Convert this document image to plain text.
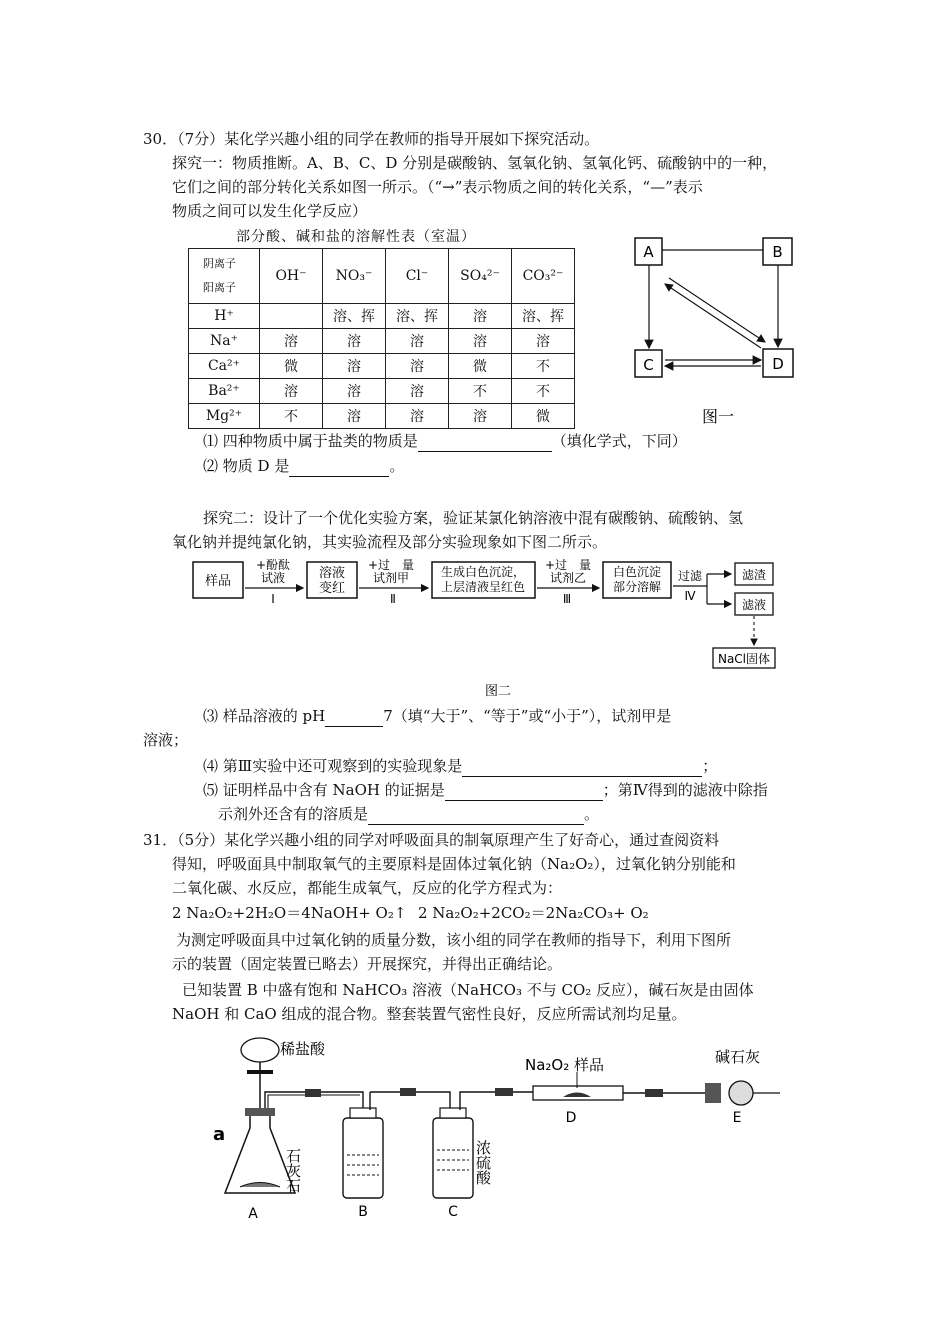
30．（7分）某化学兴趣小组的同学在教师的指导开展如下探究活动。
探究一：物质推断。A、B、C、D 分别是碳酸钠、氢氧化钠、氢氧化钙、硫酸钠中的一种，
它们之间的部分转化关系如图一所示。（“→”表示物质之间的转化关系，“—”表示
物质之间可以发生化学反应）
部分酸、碱和盐的溶解性表（室温）
阴离子
阳离子	OH⁻	NO₃⁻	Cl⁻	SO₄²⁻	CO₃²⁻
H⁺		溶、挥	溶、挥	溶	溶、挥
Na⁺	溶	溶	溶	溶	溶
Ca²⁺	微	溶	溶	微	不
Ba²⁺	溶	溶	溶	不	不
Mg²⁺	不	溶	溶	溶	微
A	B
C	D
图一
⑴ 四种物质中属于盐类的物质是	（填化学式，下同）
⑵ 物质 D 是	。
探究二：设计了一个优化实验方案，验证某氯化钠溶液中混有碳酸钠、硫酸钠、氢
氧化钠并提纯氯化钠，其实验流程及部分实验现象如下图二所示。
样品
+酚酞
试液
Ⅰ
溶液
变红
+过　量
试剂甲
Ⅱ
生成白色沉淀，
上层清液呈红色
+过　量
试剂乙
Ⅲ
白色沉淀
部分溶解
过滤
Ⅳ
滤渣
滤液
NaCl固体
图二
⑶ 样品溶液的 pH	7（填“大于”、“等于”或“小于”），试剂甲是
溶液；
⑷ 第Ⅲ实验中还可观察到的实验现象是	；
⑸ 证明样品中含有 NaOH 的证据是	；第Ⅳ得到的滤液中除指
示剂外还含有的溶质是	。
31．（5分）某化学兴趣小组的同学对呼吸面具的制氧原理产生了好奇心，通过查阅资料
得知，呼吸面具中制取氧气的主要原料是固体过氧化钠（Na₂O₂），过氧化钠分别能和
二氧化碳、水反应，都能生成氧气，反应的化学方程式为：
2 Na₂O₂+2H₂O＝4NaOH+ O₂↑ 2 Na₂O₂+2CO₂＝2Na₂CO₃+ O₂
为测定呼吸面具中过氧化钠的质量分数，该小组的同学在教师的指导下，利用下图所
示的装置（固定装置已略去）开展探究，并得出正确结论。
已知装置 B 中盛有饱和 NaHCO₃ 溶液（NaHCO₃ 不与 CO₂ 反应），碱石灰是由固体
NaOH 和 CaO 组成的混合物。整套装置气密性良好，反应所需试剂均足量。
稀盐酸
a
石灰石	浓硫酸
Na₂O₂ 样品	碱石灰
A	B	C
D	E
